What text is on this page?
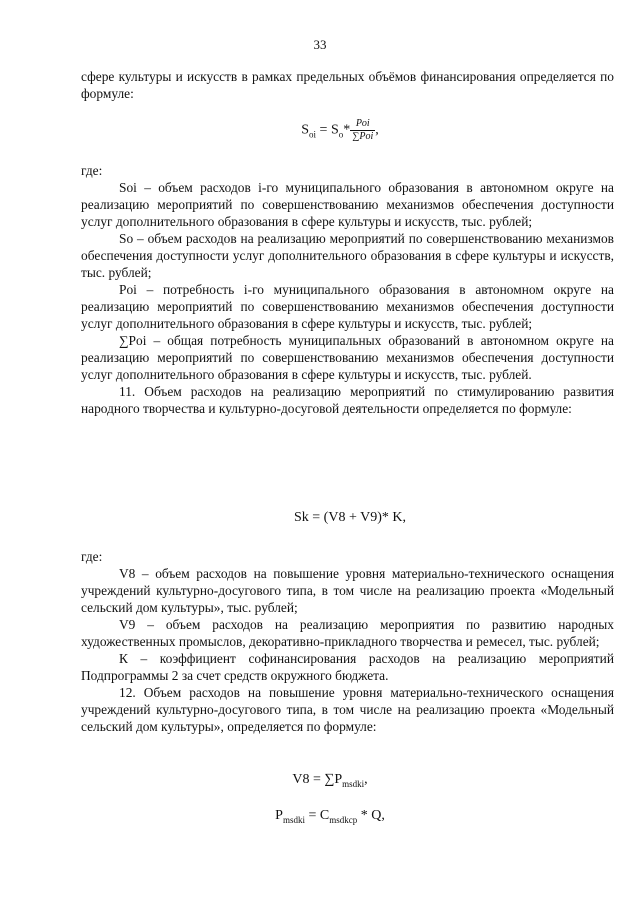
33

сфере культуры и искусств в рамках предельных объёмов финансирования определяется по формуле:

$S_{oi} = S_o* \frac{\text{Poi}}{\text{∑Poi}}$ ,

где:

Sоi – объем расходов i-го муниципального образования в автономном округе на реализацию мероприятий по совершенствованию механизмов обеспечения доступности услуг дополнительного образования в сфере культуры и искусств, тыс. рублей;

Sо – объем расходов на реализацию мероприятий по совершенствованию механизмов обеспечения доступности услуг дополнительного образования в сфере культуры и искусств, тыс. рублей;

Poi – потребность i-го муниципального образования в автономном округе на реализацию мероприятий по совершенствованию механизмов обеспечения доступности услуг дополнительного образования в сфере культуры и искусств, тыс. рублей;

∑Poi – общая потребность муниципальных образований в автономном округе на реализацию мероприятий по совершенствованию механизмов обеспечения доступности услуг дополнительного образования в сфере культуры и искусств, тыс. рублей.

11. Объем расходов на реализацию мероприятий по стимулированию развития народного творчества и культурно-досуговой деятельности определяется по формуле:

Sk = (V8 + V9)* K,

где:

V8 – объем расходов на повышение уровня материально-технического оснащения учреждений культурно-досугового типа, в том числе на реализацию проекта «Модельный сельский дом культуры», тыс. рублей;

V9 – объем расходов на реализацию мероприятия по развитию народных художественных промыслов, декоративно-прикладного творчества и ремесел, тыс. рублей;

К – коэффициент софинансирования расходов на реализацию мероприятий Подпрограммы 2 за счет средств окружного бюджета.

12. Объем расходов на повышение уровня материально-технического оснащения учреждений культурно-досугового типа, в том числе на реализацию проекта «Модельный сельский дом культуры», определяется по формуле:

$V8 = \sum P_{msdki}$,
$P_{msdki} = C_{msdkcp} * Q$,
